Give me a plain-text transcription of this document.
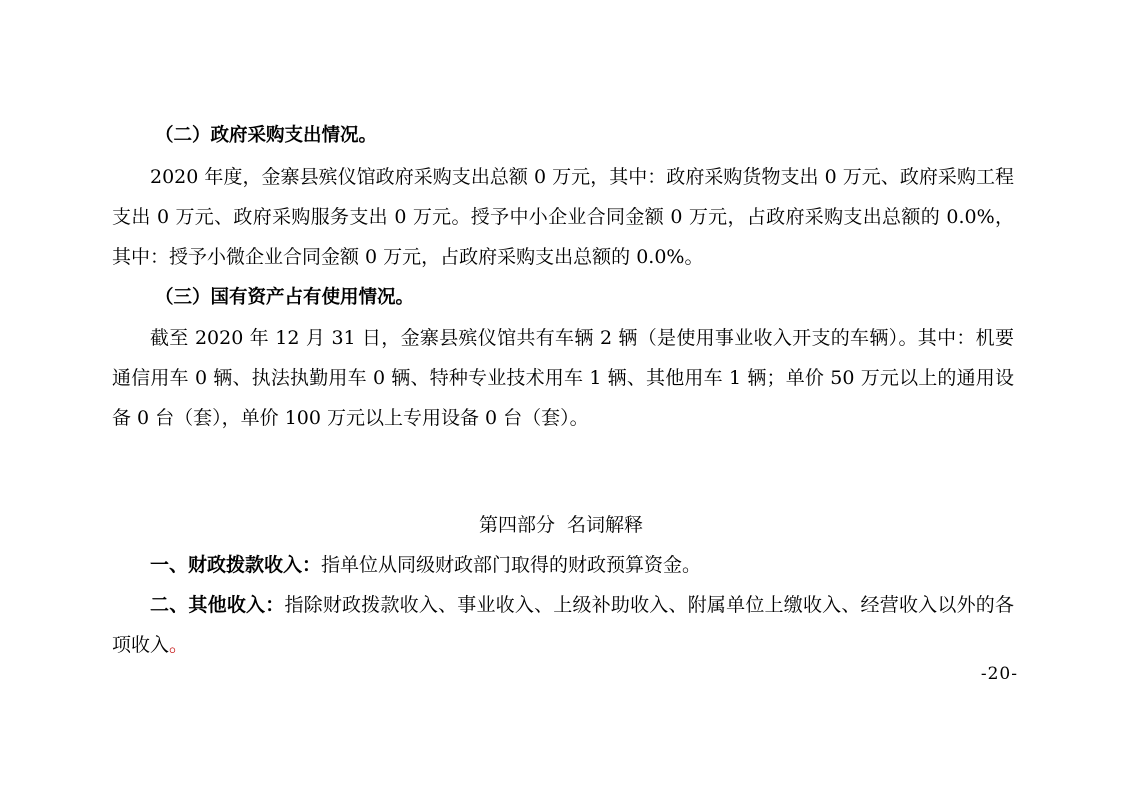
（二）政府采购支出情况。

2020 年度，金寨县殡仪馆政府采购支出总额 0 万元，其中：政府采购货物支出 0 万元、政府采购工程支出 0 万元、政府采购服务支出 0 万元。授予中小企业合同金额 0 万元，占政府采购支出总额的 0.0%，其中：授予小微企业合同金额 0 万元，占政府采购支出总额的 0.0%。

（三）国有资产占有使用情况。

截至 2020 年 12 月 31 日，金寨县殡仪馆共有车辆 2 辆（是使用事业收入开支的车辆）。其中：机要通信用车 0 辆、执法执勤用车 0 辆、特种专业技术用车 1 辆、其他用车 1 辆；单价 50 万元以上的通用设备 0 台（套），单价 100 万元以上专用设备 0 台（套）。

第四部分  名词解释

一、财政拨款收入：指单位从同级财政部门取得的财政预算资金。

二、其他收入：指除财政拨款收入、事业收入、上级补助收入、附属单位上缴收入、经营收入以外的各项收入。

-20-
